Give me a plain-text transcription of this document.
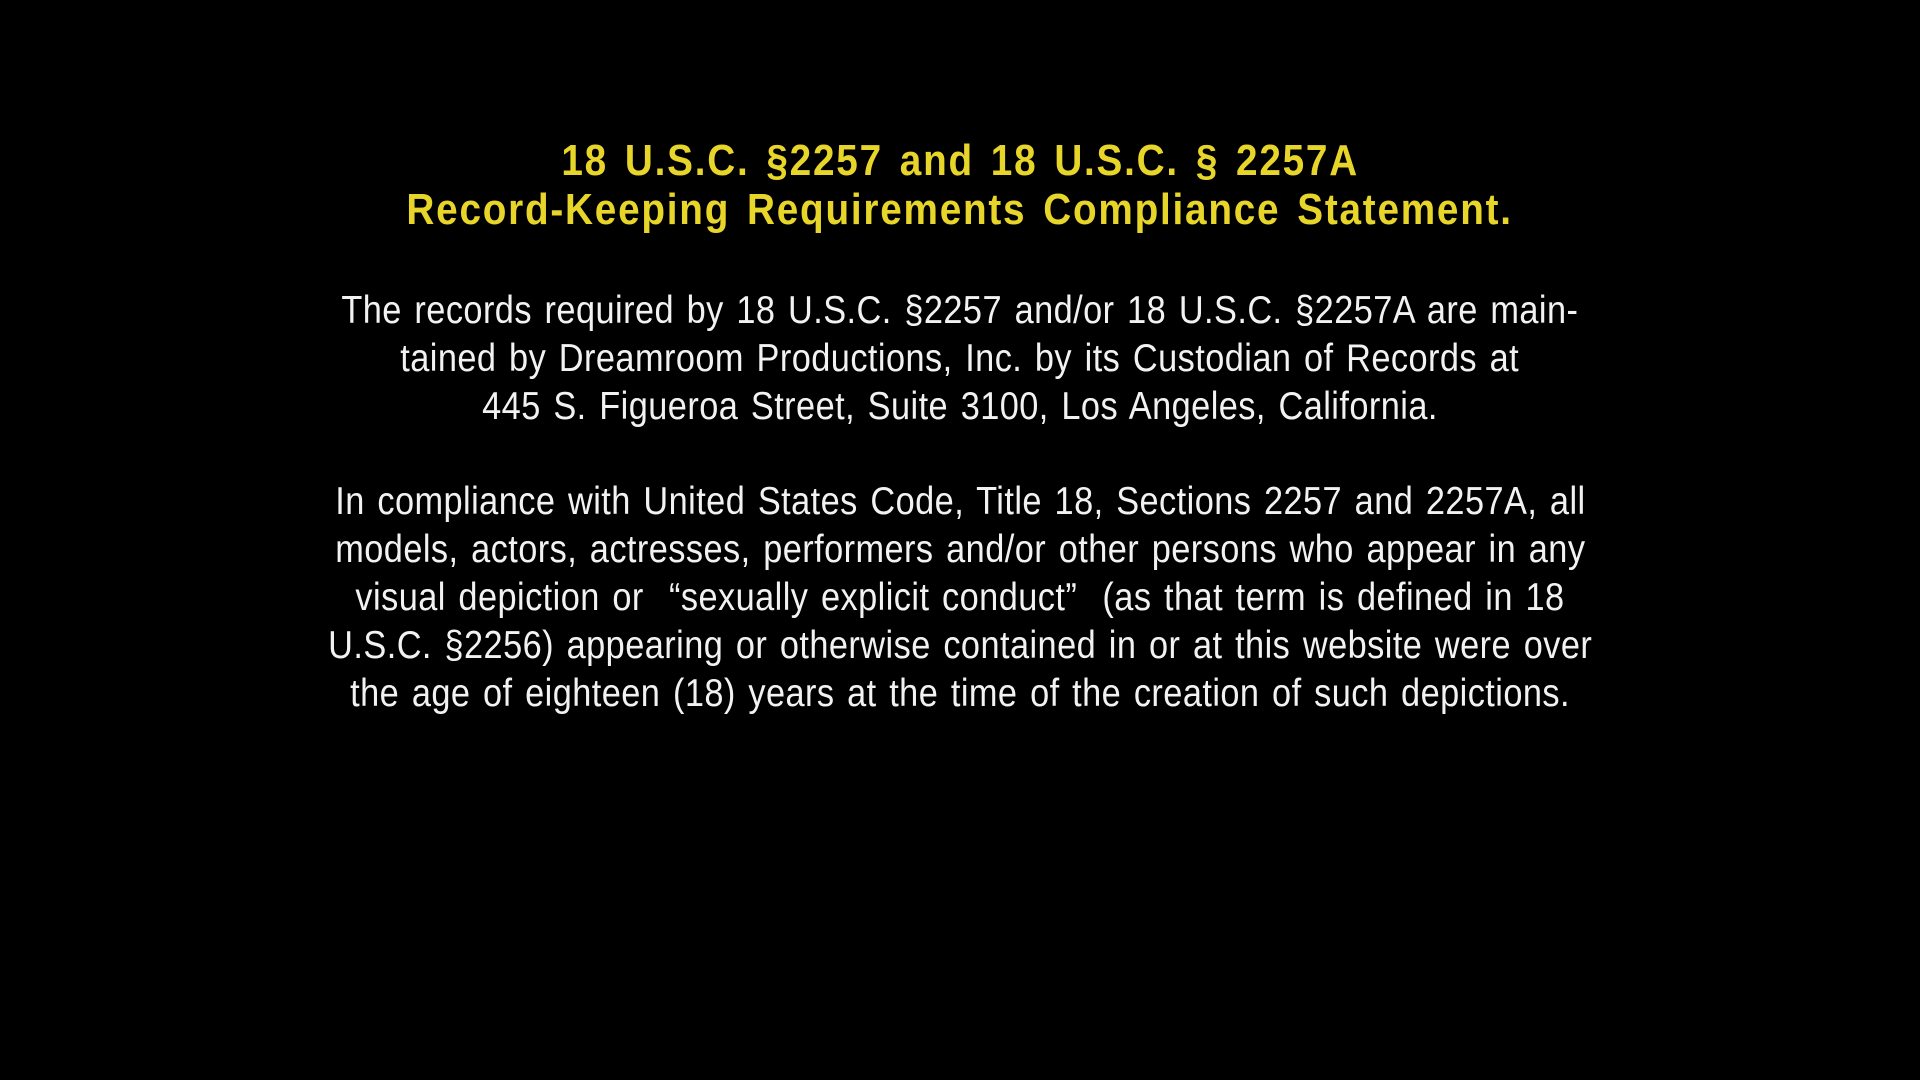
18 U.S.C. §2257 and 18 U.S.C. § 2257A
Record-Keeping Requirements Compliance Statement.
The records required by 18 U.S.C. §2257 and/or 18 U.S.C. §2257A are main-
tained by Dreamroom Productions, Inc. by its Custodian of Records at
445 S. Figueroa Street, Suite 3100, Los Angeles, California.
In compliance with United States Code, Title 18, Sections 2257 and 2257A, all
models, actors, actresses, performers and/or other persons who appear in any
visual depiction or  “sexually explicit conduct”  (as that term is defined in 18
U.S.C. §2256) appearing or otherwise contained in or at this website were over
the age of eighteen (18) years at the time of the creation of such depictions.
